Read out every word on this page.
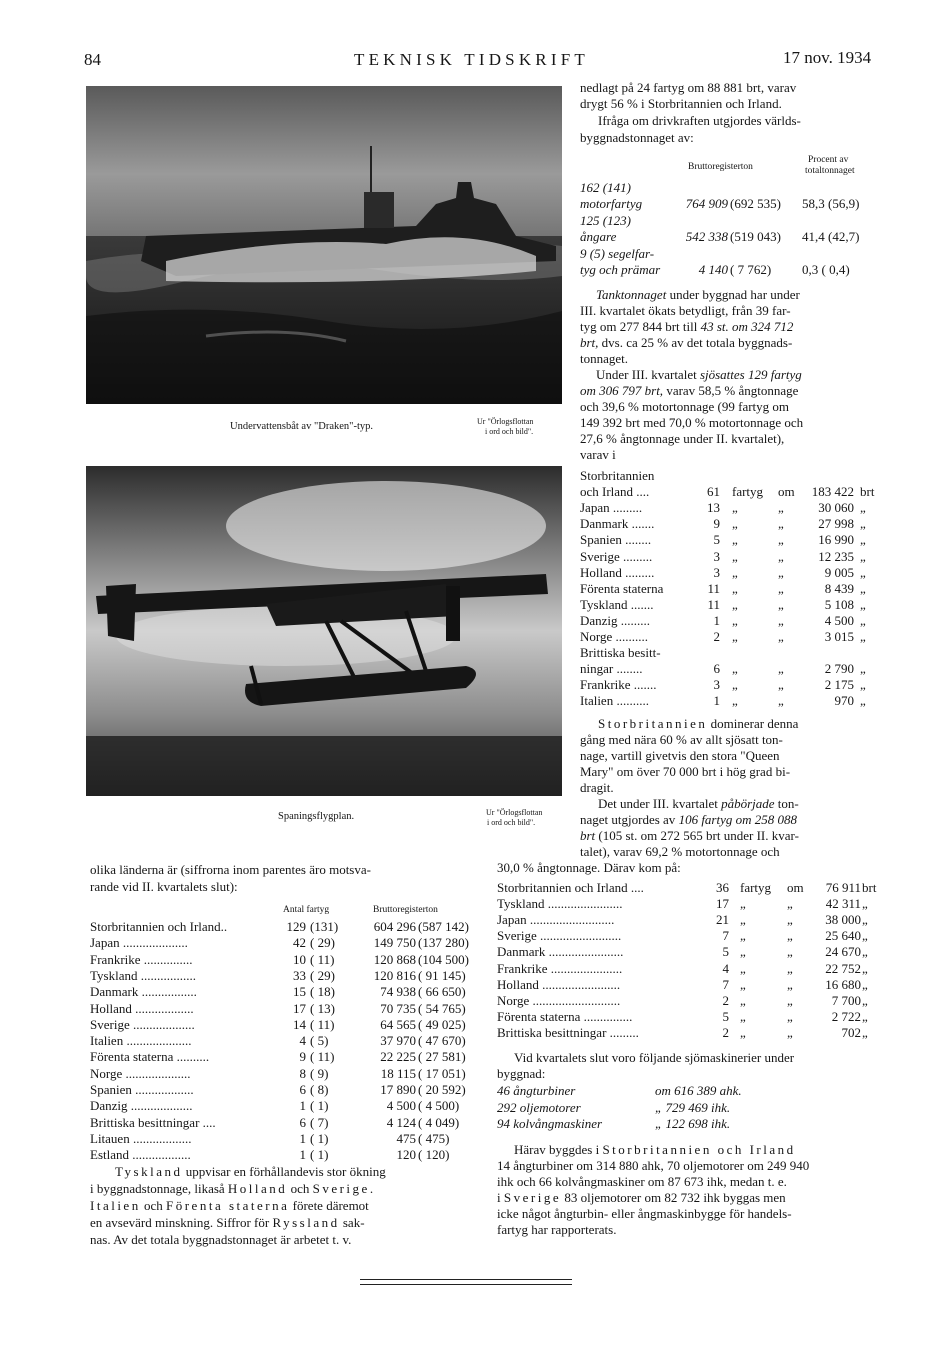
84	TEKNISK TIDSKRIFT	17 nov. 1934
Undervattensbåt av "Draken"-typ.	Ur "Örlogsflottan
i ord och bild".
Spaningsflygplan.	Ur "Örlogsflottan
i ord och bild".
olika länderna är (siffrorna inom parentes äro motsva-
rande vid II. kvartalets slut):
Antal fartyg	Bruttoregisterton
Storbritannien och Irland..	129 (131)	604 296 (587 142)
Japan ....................	42 ( 29)	149 750 (137 280)
Frankrike ...............	10 ( 11)	120 868 (104 500)
Tyskland .................	33 ( 29)	120 816 ( 91 145)
Danmark .................	15 ( 18)	74 938 ( 66 650)
Holland ..................	17 ( 13)	70 735 ( 54 765)
Sverige ...................	14 ( 11)	64 565 ( 49 025)
Italien ....................	4 ( 5)	37 970 ( 47 670)
Förenta staterna ..........	9 ( 11)	22 225 ( 27 581)
Norge ....................	8 ( 9)	18 115 ( 17 051)
Spanien ..................	6 ( 8)	17 890 ( 20 592)
Danzig ...................	1 ( 1)	4 500 ( 4 500)
Brittiska besittningar ....	6 ( 7)	4 124 ( 4 049)
Litauen ..................	1 ( 1)	475 ( 475)
Estland ..................	1 ( 1)	120 ( 120)
Tyskland uppvisar en förhållandevis stor ökning
i byggnadstonnage, likaså Holland och Sverige.
Italien och Förenta staterna förete däremot
en avsevärd minskning. Siffror för Ryssland sak-
nas. Av det totala byggnadstonnaget är arbetet t. v.
nedlagt på 24 fartyg om 88 881 brt, varav
drygt 56 % i Storbritannien och Irland.
Ifråga om drivkraften utgjordes världs-
byggnadstonnaget av:
Bruttoregisterton
Procent av
totaltonnaget
162 (141)
motorfartyg	764 909 (692 535)	58,3 (56,9)
125 (123)
ångare	542 338 (519 043)	41,4 (42,7)
9 (5) segelfar-
tyg och prämar	4 140 ( 7 762)	0,3 ( 0,4)
Tanktonnaget under byggnad har under
III. kvartalet ökats betydligt, från 39 far-
tyg om 277 844 brt till 43 st. om 324 712
brt, dvs. ca 25 % av det totala byggnads-
tonnaget.
Under III. kvartalet sjösattes 129 fartyg
om 306 797 brt, varav 58,5 % ångtonnage
och 39,6 % motortonnage (99 fartyg om
149 392 brt med 70,0 % motortonnage och
27,6 % ångtonnage under II. kvartalet),
varav i
Storbritannien
och Irland ....	61 fartyg	om	183 422 brt
Japan .........	13 „	„	30 060 „
Danmark .......	9 „	„	27 998 „
Spanien ........	5 „	„	16 990 „
Sverige .........	3 „	„	12 235 „
Holland .........	3 „	„	9 005 „
Förenta staterna	11 „	„	8 439 „
Tyskland .......	11 „	„	5 108 „
Danzig .........	1 „	„	4 500 „
Norge ..........	2 „	„	3 015 „
Brittiska besitt-
ningar ........	6 „	„	2 790 „
Frankrike .......	3 „	„	2 175 „
Italien ..........	1 „	„	970 „
Storbritannien dominerar denna
gång med nära 60 % av allt sjösatt ton-
nage, vartill givetvis den stora "Queen
Mary" om över 70 000 brt i hög grad bi-
dragit.
Det under III. kvartalet påbörjade ton-
naget utgjordes av 106 fartyg om 258 088
brt (105 st. om 272 565 brt under II. kvar-
talet), varav 69,2 % motortonnage och
30,0 % ångtonnage. Därav kom på:
Storbritannien och Irland ....	36 fartyg	om	76 911 brt
Tyskland .......................	17 „	„	42 311 „
Japan ..........................	21 „	„	38 000 „
Sverige .........................	7 „	„	25 640 „
Danmark .......................	5 „	„	24 670 „
Frankrike ......................	4 „	„	22 752 „
Holland ........................	7 „	„	16 680 „
Norge ...........................	2 „	„	7 700 „
Förenta staterna ...............	5 „	„	2 722 „
Brittiska besittningar .........	2 „	„	702 „
Vid kvartalets slut voro följande sjömaskinerier under
byggnad:
46 ångturbiner	om 616 389 ahk.
292 oljemotorer	„ 729 469 ihk.
94 kolvångmaskiner	„ 122 698 ihk.
Härav byggdes i Storbritannien och Irland
14 ångturbiner om 314 880 ahk, 70 oljemotorer om 249 940
ihk och 66 kolvångmaskiner om 87 673 ihk, medan t. e.
i Sverige 83 oljemotorer om 82 732 ihk byggas men
icke något ångturbin- eller ångmaskinbygge för handels-
fartyg har rapporterats.
